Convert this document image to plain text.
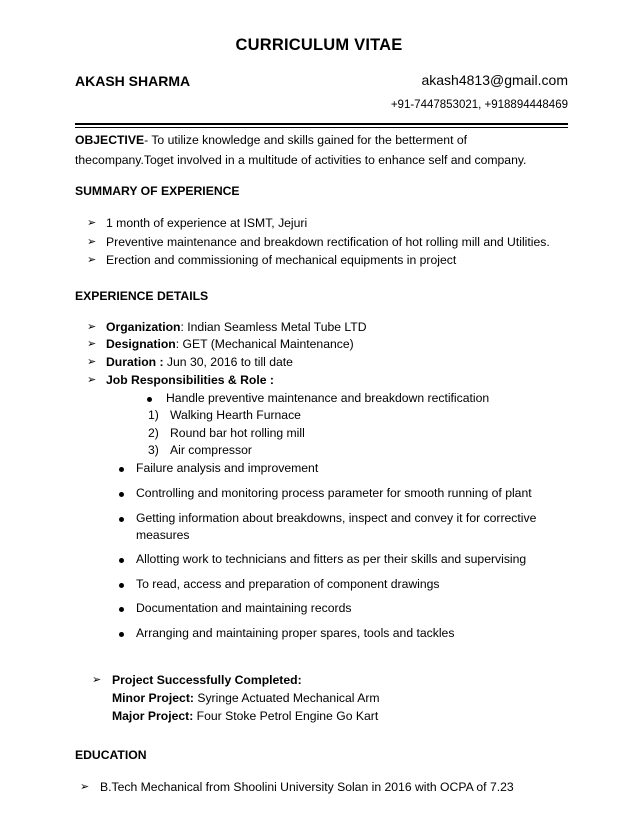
CURRICULUM VITAE
AKASH SHARMA	akash4813@gmail.com
+91-7447853021, +918894448469
OBJECTIVE- To utilize knowledge and skills gained for the betterment of thecompany.Toget involved in a multitude of activities to enhance self and company.
SUMMARY OF EXPERIENCE
➢ 1 month of experience at ISMT, Jejuri
➢ Preventive maintenance and breakdown rectification of hot rolling mill and Utilities.
➢ Erection and commissioning of mechanical equipments in project
EXPERIENCE DETAILS
➢ Organization: Indian Seamless Metal Tube LTD
➢ Designation: GET (Mechanical Maintenance)
➢ Duration : Jun 30, 2016 to till date
➢ Job Responsibilities & Role :
Handle preventive maintenance and breakdown rectification
1) Walking Hearth Furnace
2) Round bar hot rolling mill
3) Air compressor
Failure analysis and improvement
Controlling and monitoring process parameter for smooth running of plant
Getting information about breakdowns, inspect and convey it for corrective
measures
Allotting work to technicians and fitters as per their skills and supervising
To read, access and preparation of component drawings
Documentation and maintaining records
Arranging and maintaining proper spares, tools and tackles
➢ Project Successfully Completed:
Minor Project: Syringe Actuated Mechanical Arm
Major Project: Four Stoke Petrol Engine Go Kart
EDUCATION
➢ B.Tech Mechanical from Shoolini University Solan in 2016 with OCPA of 7.23
